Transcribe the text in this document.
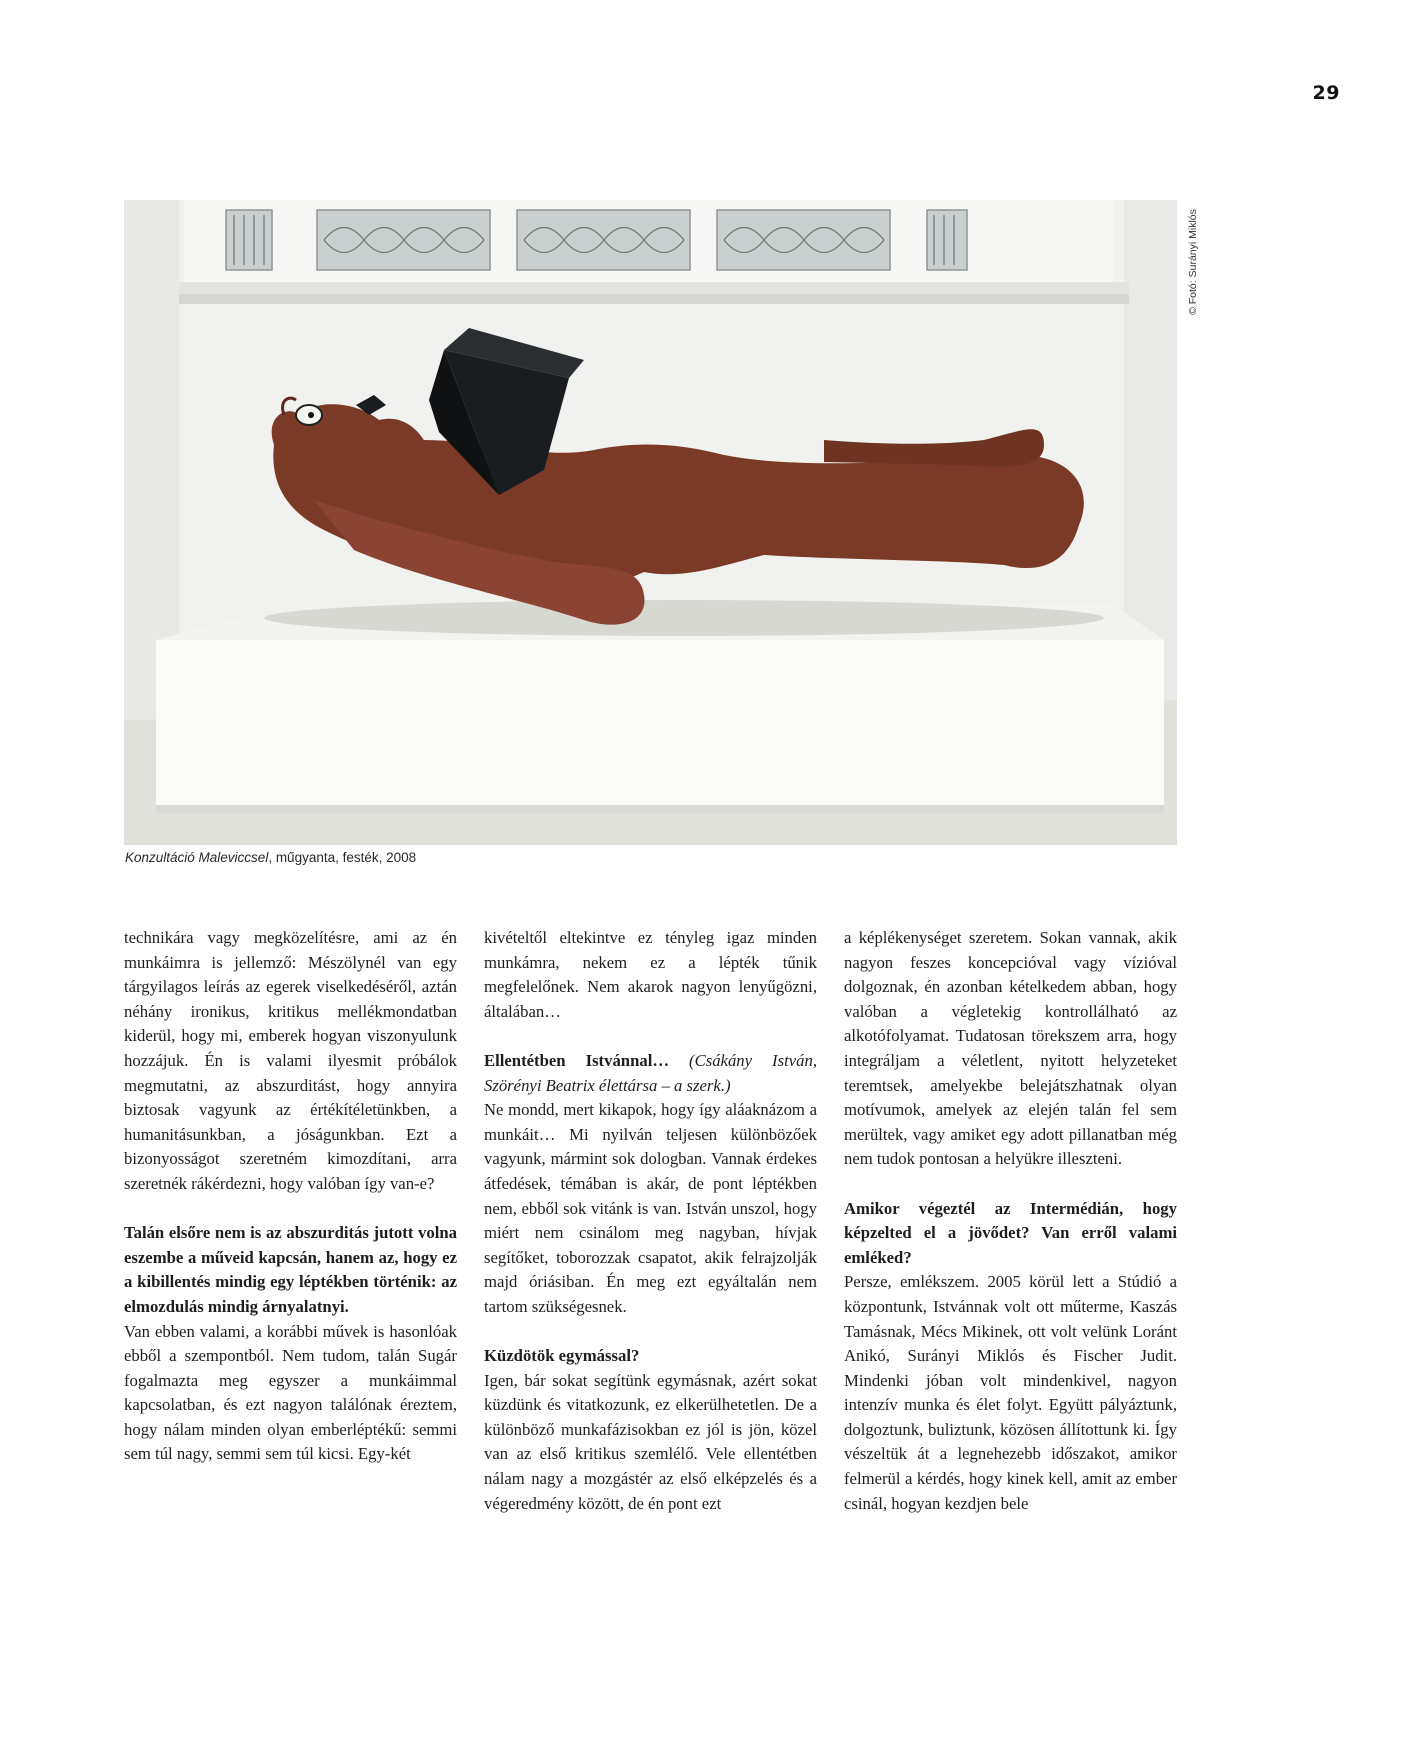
29
© Fotó: Surányi Miklós
Konzultáció Maleviccsel, műgyanta, festék, 2008

technikára vagy megközelítésre, ami az én munkáimra is jellemző: Mészölynél van egy tárgyilagos leírás az egerek viselkedéséről, aztán néhány ironikus, kritikus mellékmondatban kiderül, hogy mi, emberek hogyan viszonyulunk hozzájuk. Én is valami ilyesmit próbálok megmutatni, az abszurditást, hogy annyira biztosak vagyunk az értékítéletünkben, a humanitásunkban, a jóságunkban. Ezt a bizonyosságot szeretném kimozdítani, arra szeretnék rákérdezni, hogy valóban így van-e?

Talán elsőre nem is az abszurditás jutott volna eszembe a műveid kapcsán, hanem az, hogy ez a kibillentés mindig egy léptékben történik: az elmozdulás mindig árnyalatnyi.

Van ebben valami, a korábbi művek is hasonlóak ebből a szempontból. Nem tudom, talán Sugár fogalmazta meg egyszer a munkáimmal kapcsolatban, és ezt nagyon találónak éreztem, hogy nálam minden olyan emberléptékű: semmi sem túl nagy, semmi sem túl kicsi. Egy-két

kivételtől eltekintve ez tényleg igaz minden munkámra, nekem ez a lépték tűnik megfelelőnek. Nem akarok nagyon lenyűgözni, általában…

Ellentétben Istvánnal… (Csákány István, Szörényi Beatrix élettársa – a szerk.)

Ne mondd, mert kikapok, hogy így aláaknázom a munkáit… Mi nyilván teljesen különbözőek vagyunk, mármint sok dologban. Vannak érdekes átfedések, témában is akár, de pont léptékben nem, ebből sok vitánk is van. István unszol, hogy miért nem csinálom meg nagyban, hívjak segítőket, toborozzak csapatot, akik felrajzolják majd óriásiban. Én meg ezt egyáltalán nem tartom szükségesnek.

Küzdötök egymással?

Igen, bár sokat segítünk egymásnak, azért sokat küzdünk és vitatkozunk, ez elkerülhetetlen. De a különböző munkafázisokban ez jól is jön, közel van az első kritikus szemlélő. Vele ellentétben nálam nagy a mozgástér az első elképzelés és a végeredmény között, de én pont ezt

a képlékenységet szeretem. Sokan vannak, akik nagyon feszes koncepcióval vagy vízióval dolgoznak, én azonban kételkedem abban, hogy valóban a végletekig kontrollálható az alkotófolyamat. Tudatosan törekszem arra, hogy integráljam a véletlent, nyitott helyzeteket teremtsek, amelyekbe belejátszhatnak olyan motívumok, amelyek az elején talán fel sem merültek, vagy amiket egy adott pillanatban még nem tudok pontosan a helyükre illeszteni.

Amikor végeztél az Intermédián, hogy képzelted el a jövődet? Van erről valami emléked?

Persze, emlékszem. 2005 körül lett a Stúdió a központunk, Istvánnak volt ott műterme, Kaszás Tamásnak, Mécs Mikinek, ott volt velünk Loránt Anikó, Surányi Miklós és Fischer Judit. Mindenki jóban volt mindenkivel, nagyon intenzív munka és élet folyt. Együtt pályáztunk, dolgoztunk, buliztunk, közösen állítottunk ki. Így vészeltük át a legnehezebb időszakot, amikor felmerül a kérdés, hogy kinek kell, amit az ember csinál, hogyan kezdjen bele
